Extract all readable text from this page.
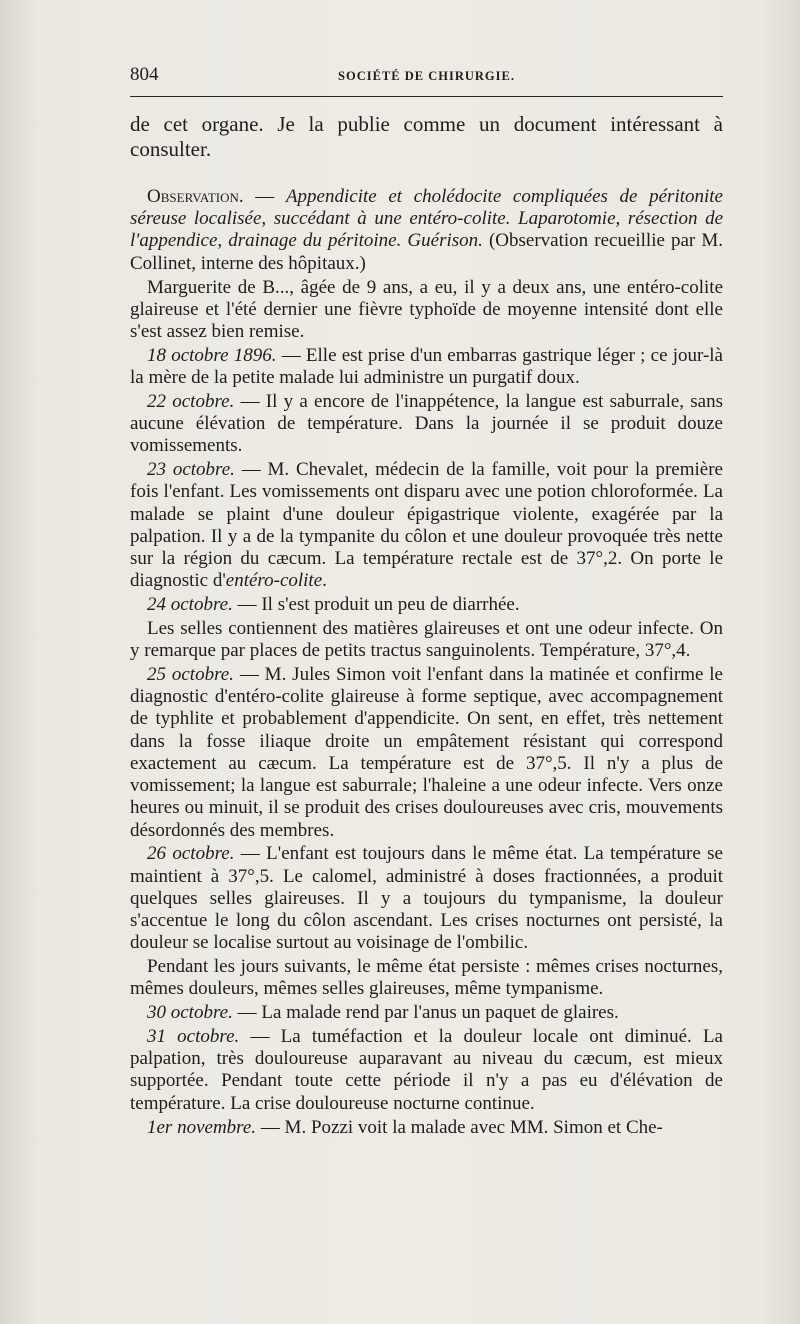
804	SOCIÉTÉ DE CHIRURGIE.

de cet organe. Je la publie comme un document intéressant à consulter.

Observation. — Appendicite et cholédocite compliquées de péritonite séreuse localisée, succédant à une entéro-colite. Laparotomie, résection de l'appendice, drainage du péritoine. Guérison. (Observation recueillie par M. Collinet, interne des hôpitaux.)

Marguerite de B..., âgée de 9 ans, a eu, il y a deux ans, une entéro-colite glaireuse et l'été dernier une fièvre typhoïde de moyenne intensité dont elle s'est assez bien remise.

18 octobre 1896. — Elle est prise d'un embarras gastrique léger ; ce jour-là la mère de la petite malade lui administre un purgatif doux.

22 octobre. — Il y a encore de l'inappétence, la langue est saburrale, sans aucune élévation de température. Dans la journée il se produit douze vomissements.

23 octobre. — M. Chevalet, médecin de la famille, voit pour la première fois l'enfant. Les vomissements ont disparu avec une potion chloroformée. La malade se plaint d'une douleur épigastrique violente, exagérée par la palpation. Il y a de la tympanite du côlon et une douleur provoquée très nette sur la région du cæcum. La température rectale est de 37°,2. On porte le diagnostic d'entéro-colite.

24 octobre. — Il s'est produit un peu de diarrhée.

Les selles contiennent des matières glaireuses et ont une odeur infecte. On y remarque par places de petits tractus sanguinolents. Température, 37°,4.

25 octobre. — M. Jules Simon voit l'enfant dans la matinée et confirme le diagnostic d'entéro-colite glaireuse à forme septique, avec accompagnement de typhlite et probablement d'appendicite. On sent, en effet, très nettement dans la fosse iliaque droite un empâtement résistant qui correspond exactement au cæcum. La température est de 37°,5. Il n'y a plus de vomissement; la langue est saburrale; l'haleine a une odeur infecte. Vers onze heures ou minuit, il se produit des crises douloureuses avec cris, mouvements désordonnés des membres.

26 octobre. — L'enfant est toujours dans le même état. La température se maintient à 37°,5. Le calomel, administré à doses fractionnées, a produit quelques selles glaireuses. Il y a toujours du tympanisme, la douleur s'accentue le long du côlon ascendant. Les crises nocturnes ont persisté, la douleur se localise surtout au voisinage de l'ombilic.

Pendant les jours suivants, le même état persiste : mêmes crises nocturnes, mêmes douleurs, mêmes selles glaireuses, même tympanisme.

30 octobre. — La malade rend par l'anus un paquet de glaires.

31 octobre. — La tuméfaction et la douleur locale ont diminué. La palpation, très douloureuse auparavant au niveau du cæcum, est mieux supportée. Pendant toute cette période il n'y a pas eu d'élévation de température. La crise douloureuse nocturne continue.

1er novembre. — M. Pozzi voit la malade avec MM. Simon et Che-
